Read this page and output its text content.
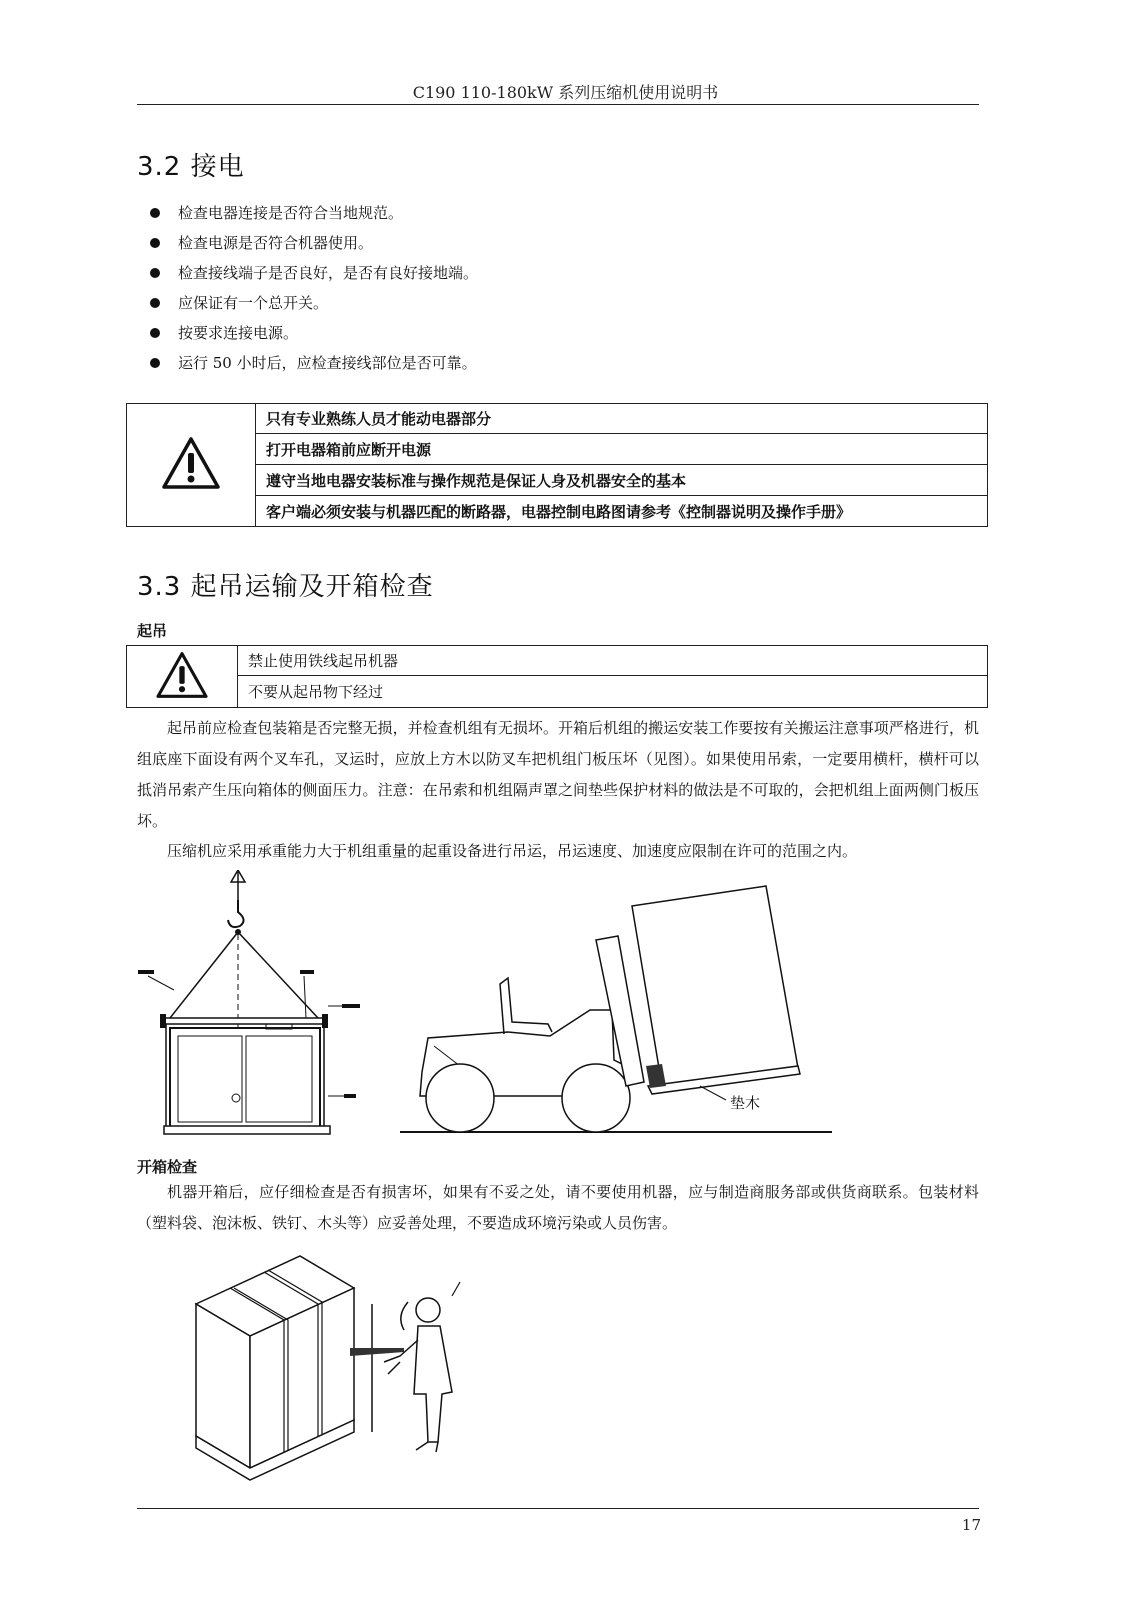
C190 110-180kW 系列压缩机使用说明书
3.2 接电
检查电器连接是否符合当地规范。
检查电源是否符合机器使用。
检查接线端子是否良好，是否有良好接地端。
应保证有一个总开关。
按要求连接电源。
运行 50 小时后，应检查接线部位是否可靠。
	只有专业熟练人员才能动电器部分
打开电器箱前应断开电源
遵守当地电器安装标准与操作规范是保证人身及机器安全的基本
客户端必须安装与机器匹配的断路器，电器控制电路图请参考《控制器说明及操作手册》
3.3 起吊运输及开箱检查
起吊
	禁止使用铁线起吊机器
不要从起吊物下经过

起吊前应检查包装箱是否完整无损，并检查机组有无损坏。开箱后机组的搬运安装工作要按有关搬运注意事项严格进行，机组底座下面设有两个叉车孔，叉运时，应放上方木以防叉车把机组门板压坏（见图）。如果使用吊索，一定要用横杆，横杆可以抵消吊索产生压向箱体的侧面压力。注意：在吊索和机组隔声罩之间垫些保护材料的做法是不可取的，会把机组上面两侧门板压坏。

压缩机应采用承重能力大于机组重量的起重设备进行吊运，吊运速度、加速度应限制在许可的范围之内。

垫木
开箱检查

机器开箱后，应仔细检查是否有损害坏，如果有不妥之处，请不要使用机器，应与制造商服务部或供货商联系。包装材料（塑料袋、泡沫板、铁钉、木头等）应妥善处理，不要造成环境污染或人员伤害。

17
